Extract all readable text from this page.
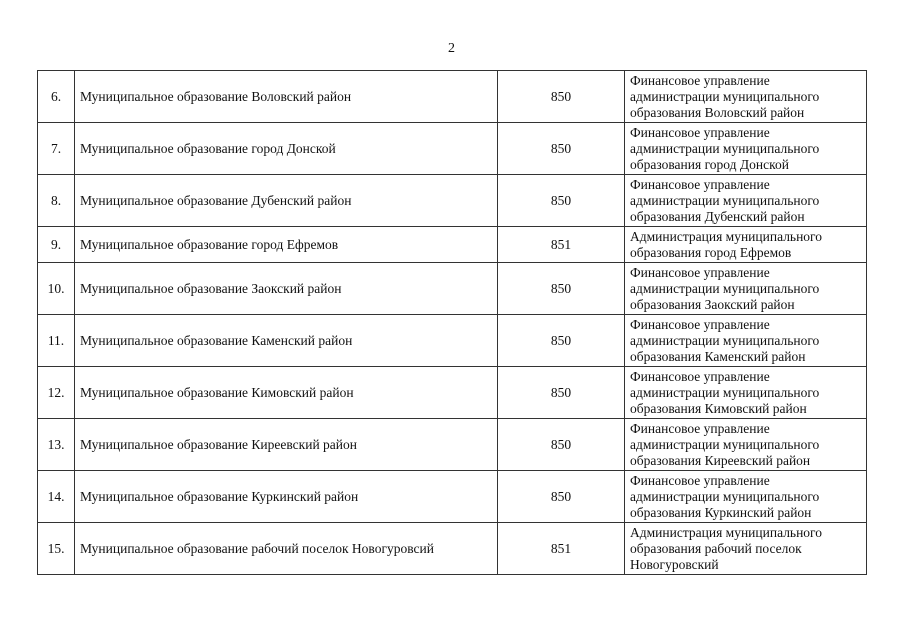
2
6.	Муниципальное образование Воловский район	850	Финансовое управление администрации муниципального образования Воловский район
7.	Муниципальное образование город Донской	850	Финансовое управление администрации муниципального образования город Донской
8.	Муниципальное образование Дубенский район	850	Финансовое управление администрации муниципального образования Дубенский район
9.	Муниципальное образование город Ефремов	851	Администрация муниципального образования город Ефремов
10.	Муниципальное образование Заокский район	850	Финансовое управление администрации муниципального образования Заокский район
11.	Муниципальное образование Каменский район	850	Финансовое управление администрации муниципального образования Каменский район
12.	Муниципальное образование Кимовский район	850	Финансовое управление администрации муниципального образования Кимовский район
13.	Муниципальное образование Киреевский район	850	Финансовое управление администрации муниципального образования Киреевский район
14.	Муниципальное образование Куркинский район	850	Финансовое управление администрации муниципального образования Куркинский район
15.	Муниципальное образование рабочий поселок Новогуровсий	851	Администрация муниципального образования рабочий поселок Новогуровский
